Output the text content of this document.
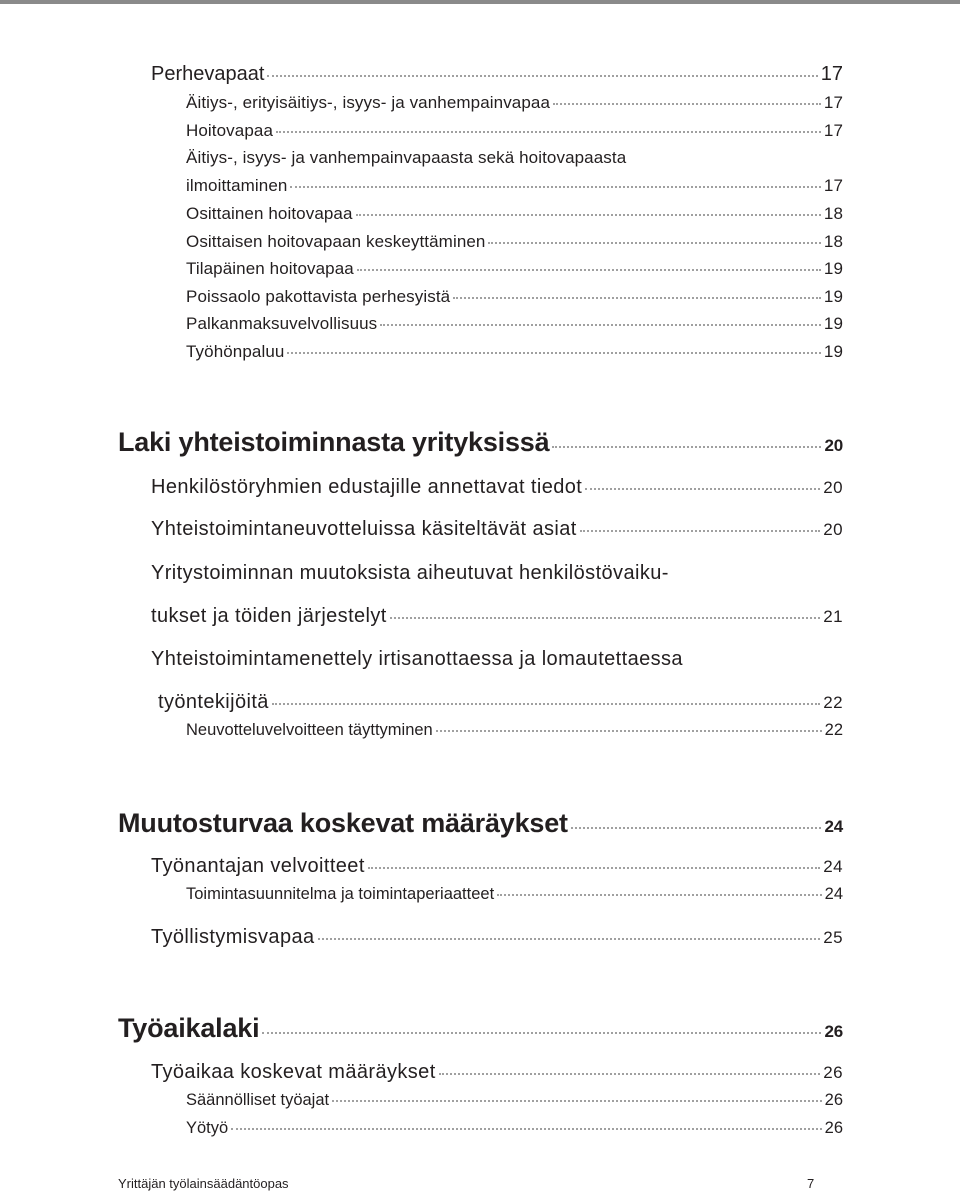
Perhevapaat	17
Äitiys-, erityisäitiys-, isyys- ja vanhempainvapaa	17
Hoitovapaa	17
Äitiys-, isyys- ja vanhempainvapaasta sekä hoitovapaasta
ilmoittaminen	17
Osittainen hoitovapaa	18
Osittaisen hoitovapaan keskeyttäminen	18
Tilapäinen hoitovapaa	19
Poissaolo pakottavista perhesyistä	19
Palkanmaksuvelvollisuus	19
Työhönpaluu	19
Laki yhteistoiminnasta yrityksissä	20
Henkilöstöryhmien edustajille annettavat tiedot	20
Yhteistoimintaneuvotteluissa käsiteltävät asiat	20
Yritystoiminnan muutoksista aiheutuvat henkilöstövaiku-
tukset ja töiden järjestelyt	21
Yhteistoimintamenettely irtisanottaessa ja lomautettaessa
työntekijöitä	22
Neuvotteluvelvoitteen täyttyminen	22
Muutosturvaa koskevat määräykset	24
Työnantajan velvoitteet	24
Toimintasuunnitelma ja toimintaperiaatteet	24
Työllistymisvapaa	25
Työaikalaki	26
Työaikaa koskevat määräykset	26
Säännölliset työajat	26
Yötyö	26
Yrittäjän työlainsäädäntöopas	7
